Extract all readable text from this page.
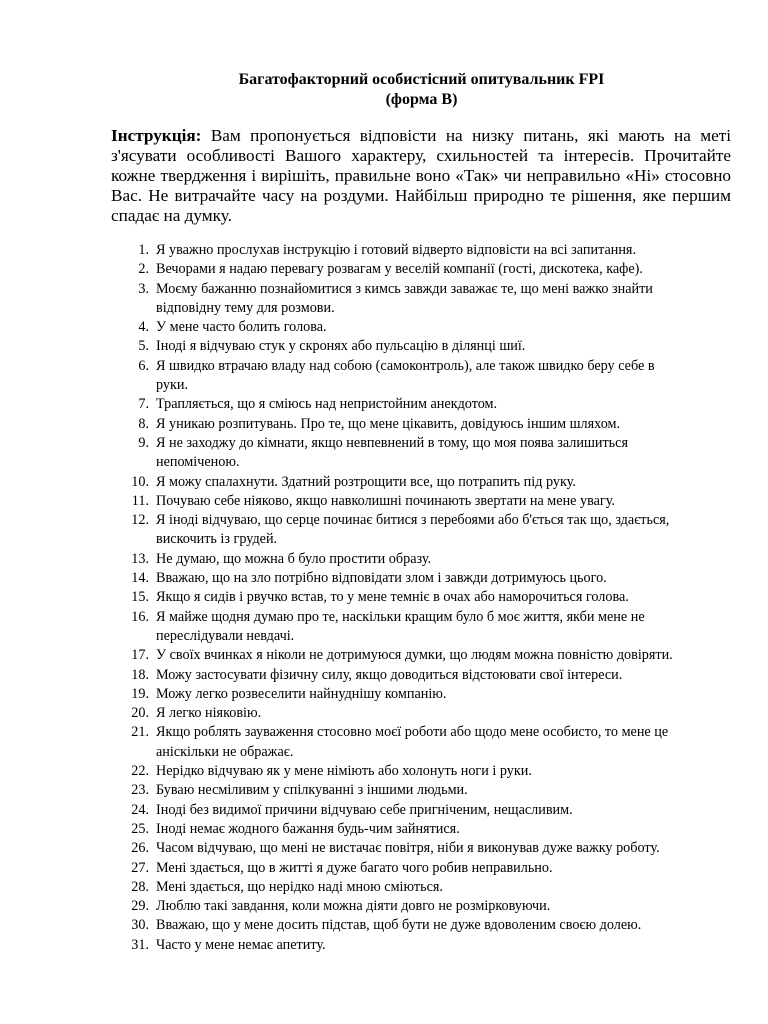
Багатофакторний особистісний опитувальник FPI
(форма В)
Інструкція: Вам пропонується відповісти на низку питань, які мають на меті з'ясувати особливості Вашого характеру, схильностей та інтересів. Прочитайте кожне твердження і вирішіть, правильне воно «Так» чи неправильно «Ні» стосовно Вас. Не витрачайте часу на роздуми. Найбільш природно те рішення, яке першим спадає на думку.
1. Я уважно прослухав інструкцію і готовий відверто відповісти на всі запитання.
2. Вечорами я надаю перевагу розвагам у веселій компанії (гості, дискотека, кафе).
3. Моєму бажанню познайомитися з кимсь завжди заважає те, що мені важко знайти
відповідну тему для розмови.
4. У мене часто болить голова.
5. Іноді я відчуваю стук у скронях або пульсацію в ділянці шиї.
6. Я швидко втрачаю владу над собою (самоконтроль), але також швидко беру себе в
руки.
7. Трапляється, що я сміюсь над непристойним анекдотом.
8. Я уникаю розпитувань. Про те, що мене цікавить, довідуюсь іншим шляхом.
9. Я не заходжу до кімнати, якщо невпевнений в тому, що моя поява залишиться
непоміченою.
10. Я можу спалахнути. Здатний розтрощити все, що потрапить під руку.
11. Почуваю себе ніяково, якщо навколишні починають звертати на мене увагу.
12. Я іноді відчуваю, що серце починає битися з перебоями або б'ється так що, здається,
вискочить із грудей.
13. Не думаю, що можна б було простити образу.
14. Вважаю, що на зло потрібно відповідати злом і завжди дотримуюсь цього.
15. Якщо я сидів і рвучко встав, то у мене темніє в очах або наморочиться голова.
16. Я майже щодня думаю про те, наскільки кращим було б моє життя, якби мене не
переслідували невдачі.
17. У своїх вчинках я ніколи не дотримуюся думки, що людям можна повністю довіряти.
18. Можу застосувати фізичну силу, якщо доводиться відстоювати свої інтереси.
19. Можу легко розвеселити найнуднішу компанію.
20. Я легко ніяковію.
21. Якщо роблять зауваження стосовно моєї роботи або щодо мене особисто, то мене це
аніскільки не ображає.
22. Нерідко відчуваю як у мене німіють або холонуть ноги і руки.
23. Буваю несміливим у спілкуванні з іншими людьми.
24. Іноді без видимої причини відчуваю себе пригніченим, нещасливим.
25. Іноді немає жодного бажання будь-чим зайнятися.
26. Часом відчуваю, що мені не вистачає повітря, ніби я виконував дуже важку роботу.
27. Мені здається, що в житті я дуже багато чого робив неправильно.
28. Мені здається, що нерідко наді мною сміються.
29. Люблю такі завдання, коли можна діяти довго не розмірковуючи.
30. Вважаю, що у мене досить підстав, щоб бути не дуже вдоволеним своєю долею.
31. Часто у мене немає апетиту.
